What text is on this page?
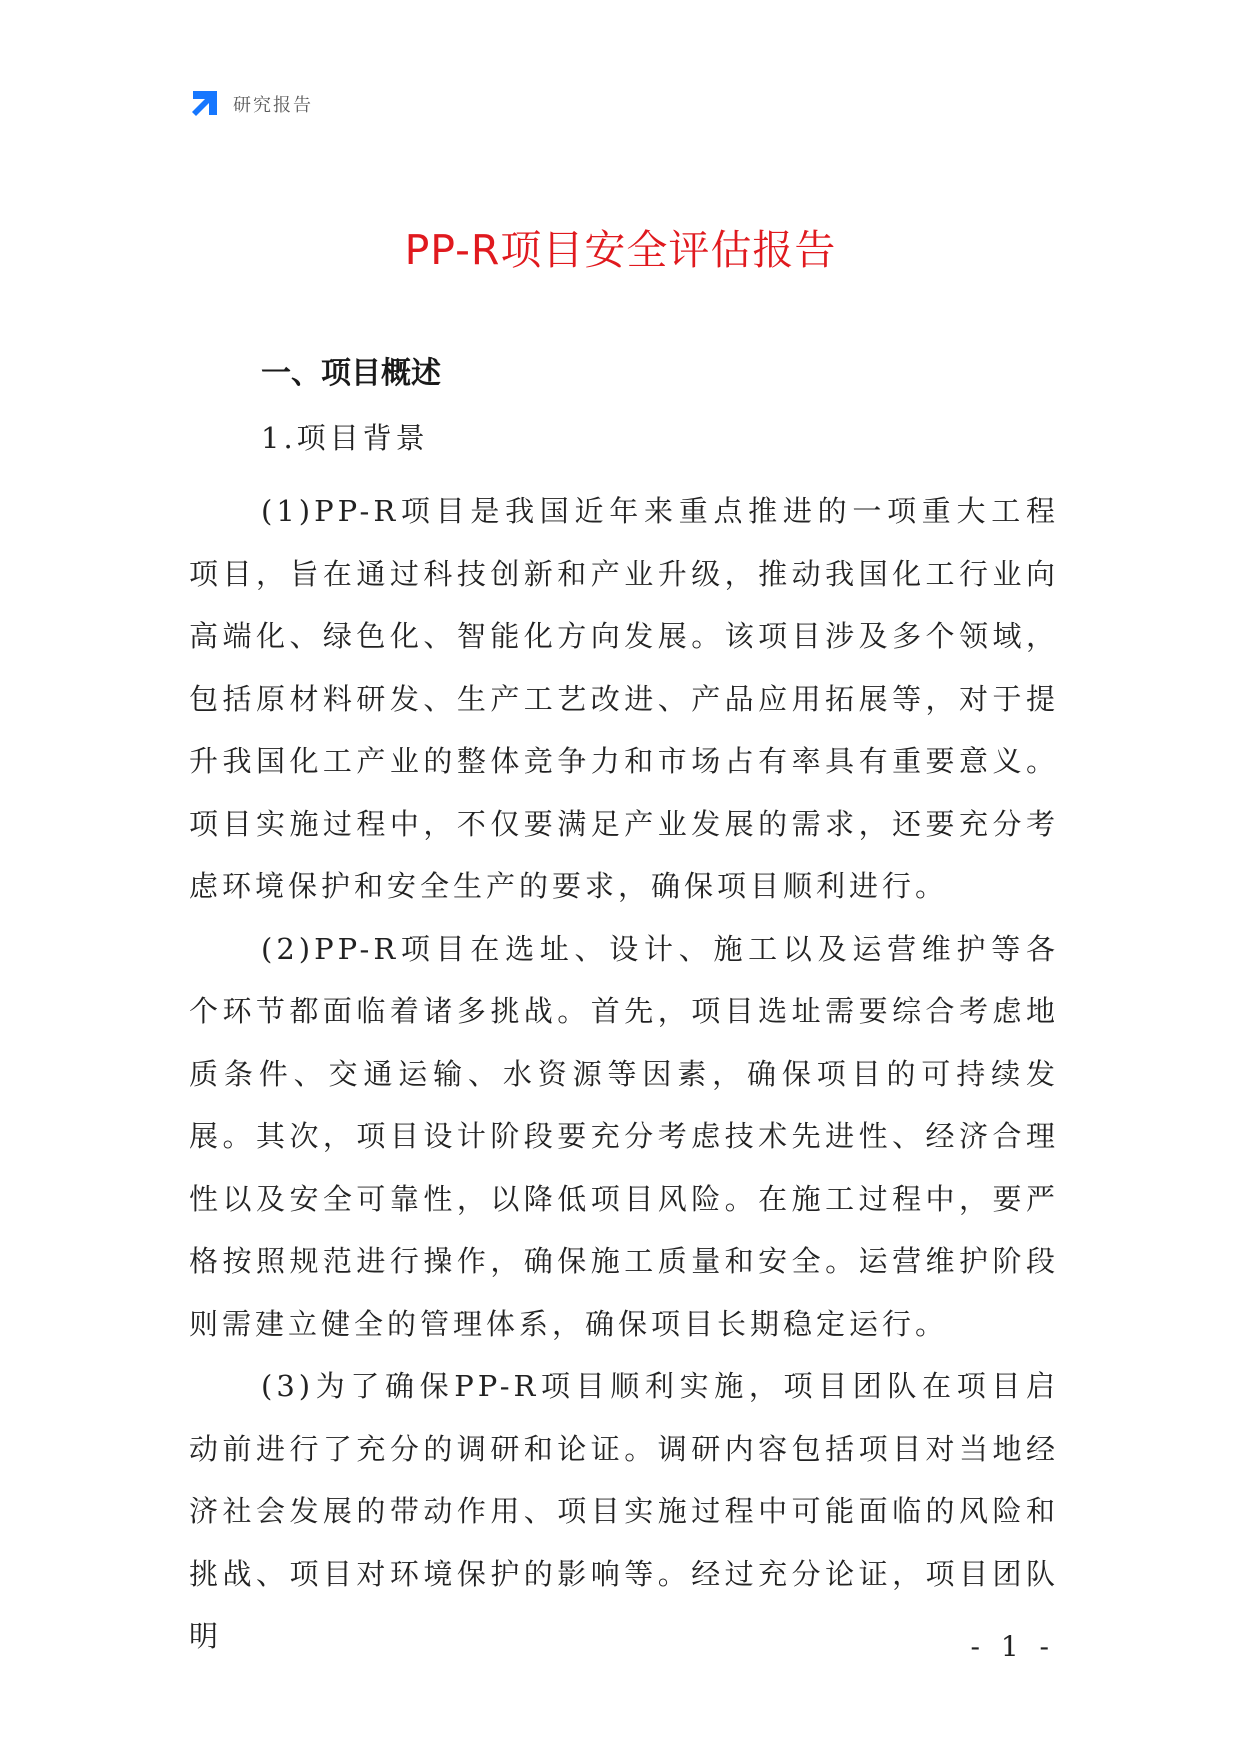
研究报告
PP-R项目安全评估报告

一、项目概述

1.项目背景

(1)PP-R项目是我国近年来重点推进的一项重大工程项目，旨在通过科技创新和产业升级，推动我国化工行业向高端化、绿色化、智能化方向发展。该项目涉及多个领域，包括原材料研发、生产工艺改进、产品应用拓展等，对于提升我国化工产业的整体竞争力和市场占有率具有重要意义。项目实施过程中，不仅要满足产业发展的需求，还要充分考虑环境保护和安全生产的要求，确保项目顺利进行。

(2)PP-R项目在选址、设计、施工以及运营维护等各个环节都面临着诸多挑战。首先，项目选址需要综合考虑地质条件、交通运输、水资源等因素，确保项目的可持续发展。其次，项目设计阶段要充分考虑技术先进性、经济合理性以及安全可靠性，以降低项目风险。在施工过程中，要严格按照规范进行操作，确保施工质量和安全。运营维护阶段则需建立健全的管理体系，确保项目长期稳定运行。

(3)为了确保PP-R项目顺利实施，项目团队在项目启动前进行了充分的调研和论证。调研内容包括项目对当地经济社会发展的带动作用、项目实施过程中可能面临的风险和挑战、项目对环境保护的影响等。经过充分论证，项目团队明	- 1 -
